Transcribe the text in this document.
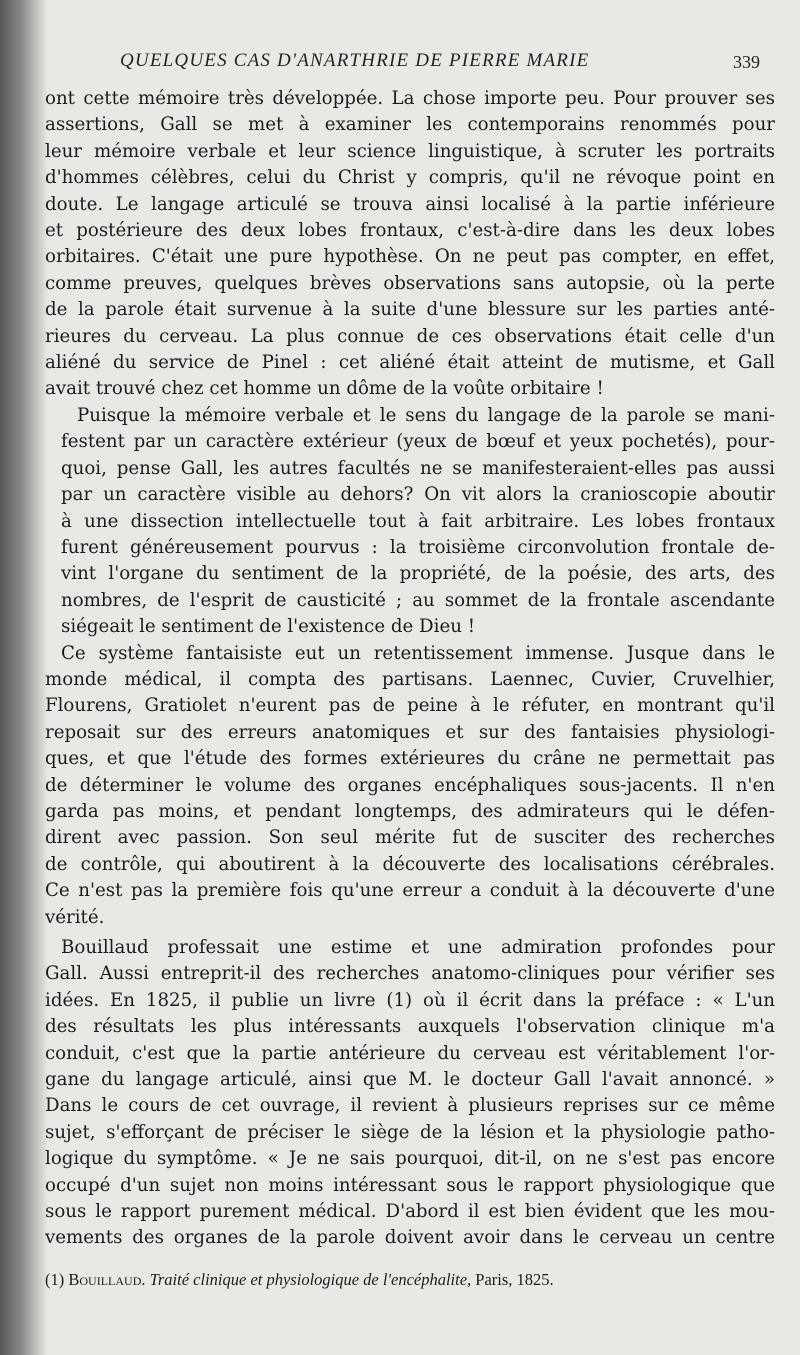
QUELQUES CAS D'ANARTHRIE DE PIERRE MARIE	339

ont cette mémoire très développée. La chose importe peu. Pour prouver ses
assertions, Gall se met à examiner les contemporains renommés pour
leur mémoire verbale et leur science linguistique, à scruter les portraits
d'hommes célèbres, celui du Christ y compris, qu'il ne révoque point en
doute. Le langage articulé se trouva ainsi localisé à la partie inférieure
et postérieure des deux lobes frontaux, c'est-à-dire dans les deux lobes
orbitaires. C'était une pure hypothèse. On ne peut pas compter, en effet,
comme preuves, quelques brèves observations sans autopsie, où la perte
de la parole était survenue à la suite d'une blessure sur les parties anté-
rieures du cerveau. La plus connue de ces observations était celle d'un
aliéné du service de Pinel : cet aliéné était atteint de mutisme, et Gall
avait trouvé chez cet homme un dôme de la voûte orbitaire !

Puisque la mémoire verbale et le sens du langage de la parole se mani-
festent par un caractère extérieur (yeux de bœuf et yeux pochetés), pour-
quoi, pense Gall, les autres facultés ne se manifesteraient-elles pas aussi
par un caractère visible au dehors? On vit alors la cranioscopie aboutir
à une dissection intellectuelle tout à fait arbitraire. Les lobes frontaux
furent généreusement pourvus : la troisième circonvolution frontale de-
vint l'organe du sentiment de la propriété, de la poésie, des arts, des
nombres, de l'esprit de causticité ; au sommet de la frontale ascendante
siégeait le sentiment de l'existence de Dieu !

Ce système fantaisiste eut un retentissement immense. Jusque dans le
monde médical, il compta des partisans. Laennec, Cuvier, Cruvelhier,
Flourens, Gratiolet n'eurent pas de peine à le réfuter, en montrant qu'il
reposait sur des erreurs anatomiques et sur des fantaisies physiologi-
ques, et que l'étude des formes extérieures du crâne ne permettait pas
de déterminer le volume des organes encéphaliques sous-jacents. Il n'en
garda pas moins, et pendant longtemps, des admirateurs qui le défen-
dirent avec passion. Son seul mérite fut de susciter des recherches
de contrôle, qui aboutirent à la découverte des localisations cérébrales.
Ce n'est pas la première fois qu'une erreur a conduit à la découverte d'une
vérité.

Bouillaud professait une estime et une admiration profondes pour
Gall. Aussi entreprit-il des recherches anatomo-cliniques pour vérifier ses
idées. En 1825, il publie un livre (1) où il écrit dans la préface : « L'un
des résultats les plus intéressants auxquels l'observation clinique m'a
conduit, c'est que la partie antérieure du cerveau est véritablement l'or-
gane du langage articulé, ainsi que M. le docteur Gall l'avait annoncé. »
Dans le cours de cet ouvrage, il revient à plusieurs reprises sur ce même
sujet, s'efforçant de préciser le siège de la lésion et la physiologie patho-
logique du symptôme. « Je ne sais pourquoi, dit-il, on ne s'est pas encore
occupé d'un sujet non moins intéressant sous le rapport physiologique que
sous le rapport purement médical. D'abord il est bien évident que les mou-
vements des organes de la parole doivent avoir dans le cerveau un centre

(1) Bouillaud. Traité clinique et physiologique de l'encéphalite, Paris, 1825.
